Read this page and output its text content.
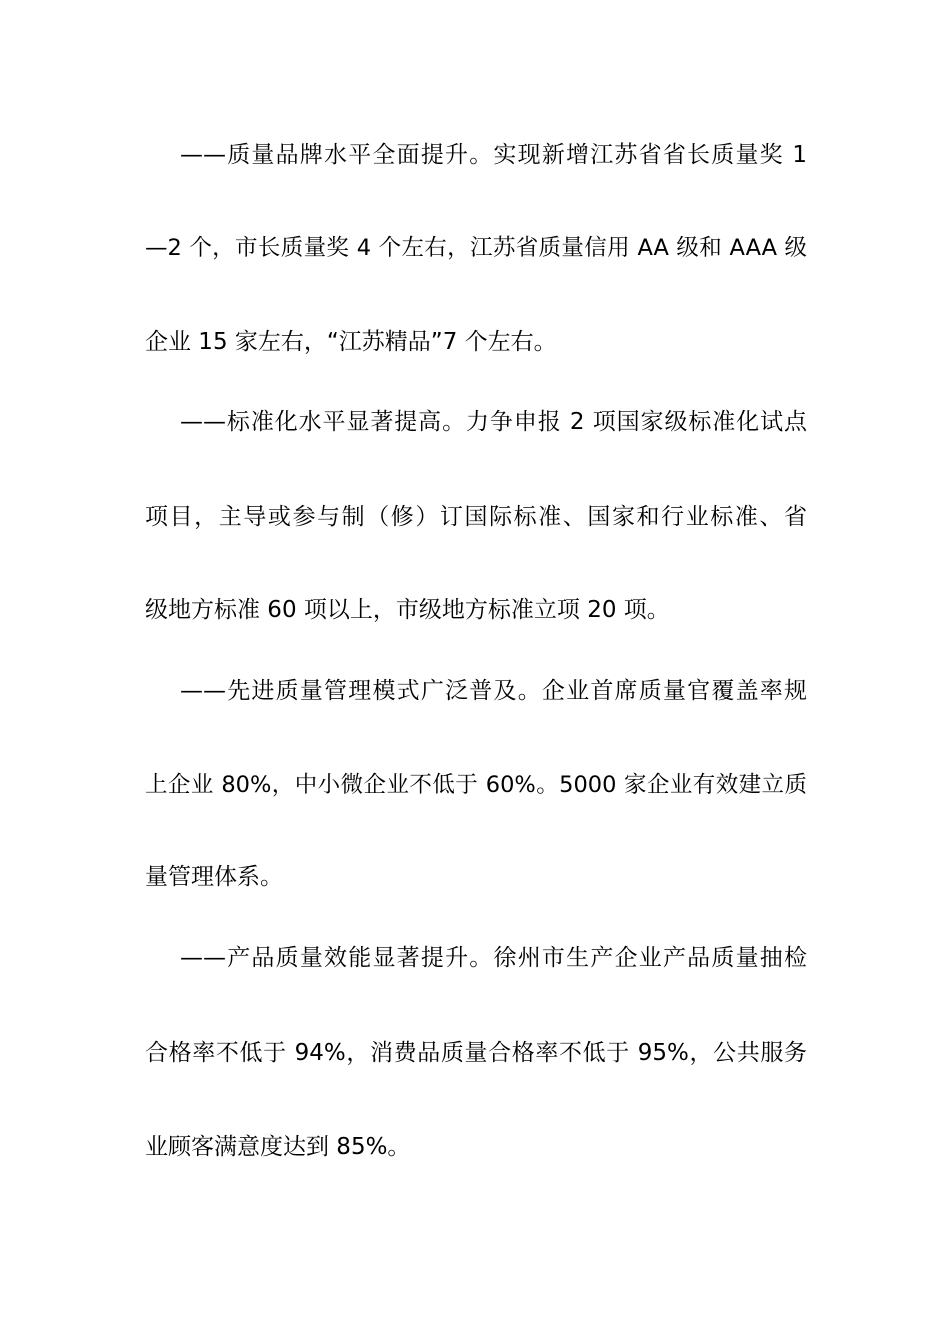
——质量品牌水平全面提升。实现新增江苏省省长质量奖 1
—2 个，市长质量奖 4 个左右，江苏省质量信用 AA 级和 AAA 级
企业 15 家左右，“江苏精品”7 个左右。
——标准化水平显著提高。力争申报 2 项国家级标准化试点
项目，主导或参与制（修）订国际标准、国家和行业标准、省
级地方标准 60 项以上，市级地方标准立项 20 项。
——先进质量管理模式广泛普及。企业首席质量官覆盖率规
上企业 80%，中小微企业不低于 60%。5000 家企业有效建立质
量管理体系。
——产品质量效能显著提升。徐州市生产企业产品质量抽检
合格率不低于 94%，消费品质量合格率不低于 95%，公共服务
业顾客满意度达到 85%。
